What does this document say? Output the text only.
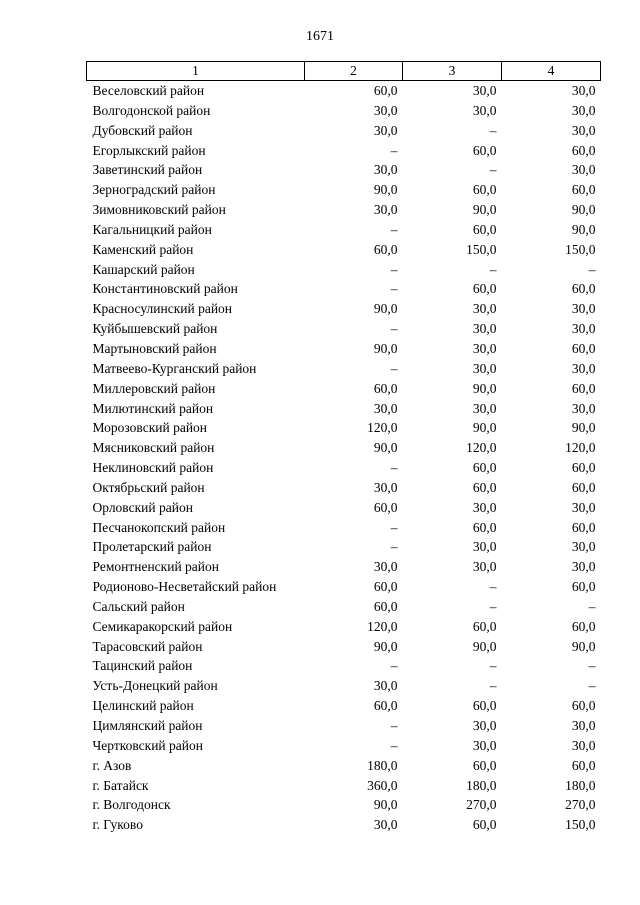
1671
1	2	3	4
Веселовский район	60,0	30,0	30,0
Волгодонской район	30,0	30,0	30,0
Дубовский район	30,0	–	30,0
Егорлыкский район	–	60,0	60,0
Заветинский район	30,0	–	30,0
Зерноградский район	90,0	60,0	60,0
Зимовниковский район	30,0	90,0	90,0
Кагальницкий район	–	60,0	90,0
Каменский район	60,0	150,0	150,0
Кашарский район	–	–	–
Константиновский район	–	60,0	60,0
Красносулинский район	90,0	30,0	30,0
Куйбышевский район	–	30,0	30,0
Мартыновский район	90,0	30,0	60,0
Матвеево-Курганский район	–	30,0	30,0
Миллеровский район	60,0	90,0	60,0
Милютинский район	30,0	30,0	30,0
Морозовский район	120,0	90,0	90,0
Мясниковский район	90,0	120,0	120,0
Неклиновский район	–	60,0	60,0
Октябрьский район	30,0	60,0	60,0
Орловский район	60,0	30,0	30,0
Песчанокопский район	–	60,0	60,0
Пролетарский район	–	30,0	30,0
Ремонтненский район	30,0	30,0	30,0
Родионово-Несветайский район	60,0	–	60,0
Сальский район	60,0	–	–
Семикаракорский район	120,0	60,0	60,0
Тарасовский район	90,0	90,0	90,0
Тацинский район	–	–	–
Усть-Донецкий район	30,0	–	–
Целинский район	60,0	60,0	60,0
Цимлянский район	–	30,0	30,0
Чертковский район	–	30,0	30,0
г. Азов	180,0	60,0	60,0
г. Батайск	360,0	180,0	180,0
г. Волгодонск	90,0	270,0	270,0
г. Гуково	30,0	60,0	150,0
